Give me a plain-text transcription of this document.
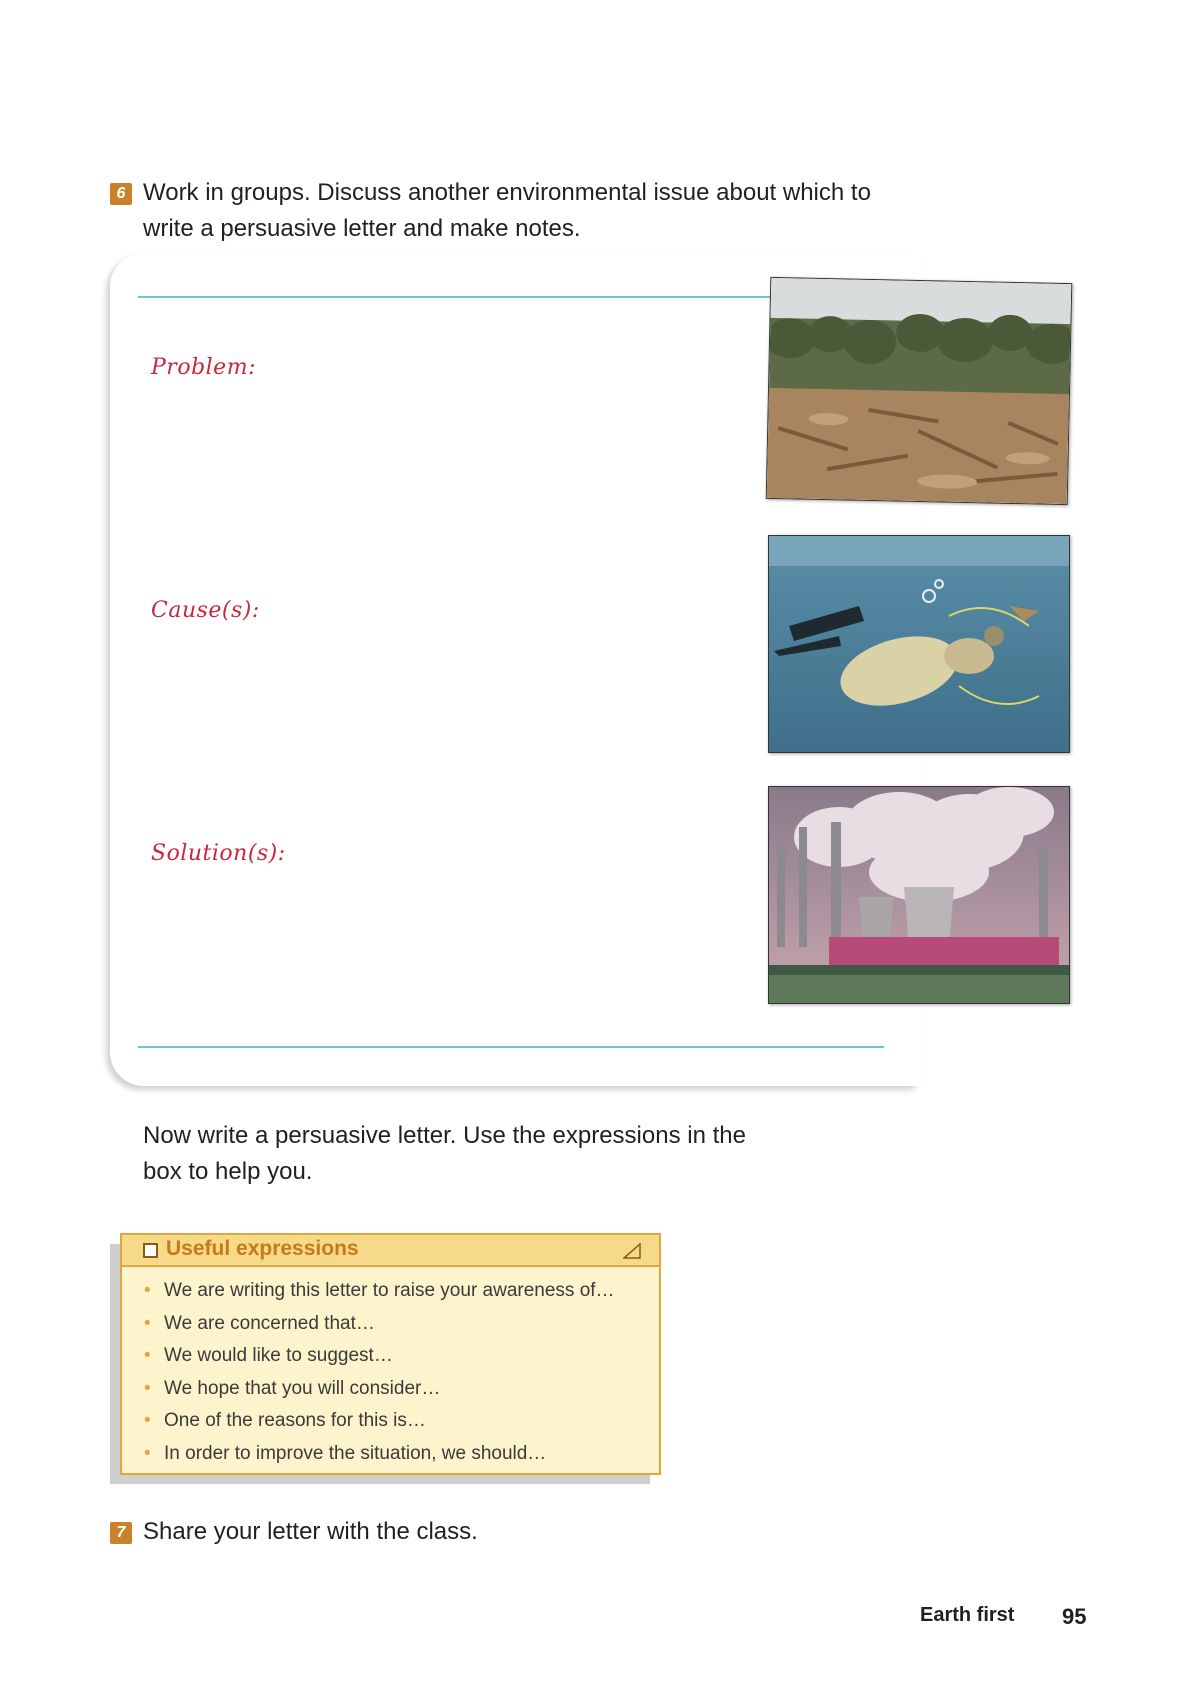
6 Work in groups. Discuss another environmental issue about which to
write a persuasive letter and make notes.
Problem:
Cause(s):
Solution(s):
Now write a persuasive letter. Use the expressions in the
box to help you.
Useful expressions
• We are writing this letter to raise your awareness of…
• We are concerned that…
• We would like to suggest…
• We hope that you will consider…
• One of the reasons for this is…
• In order to improve the situation, we should…
7 Share your letter with the class.
Earth first 95
